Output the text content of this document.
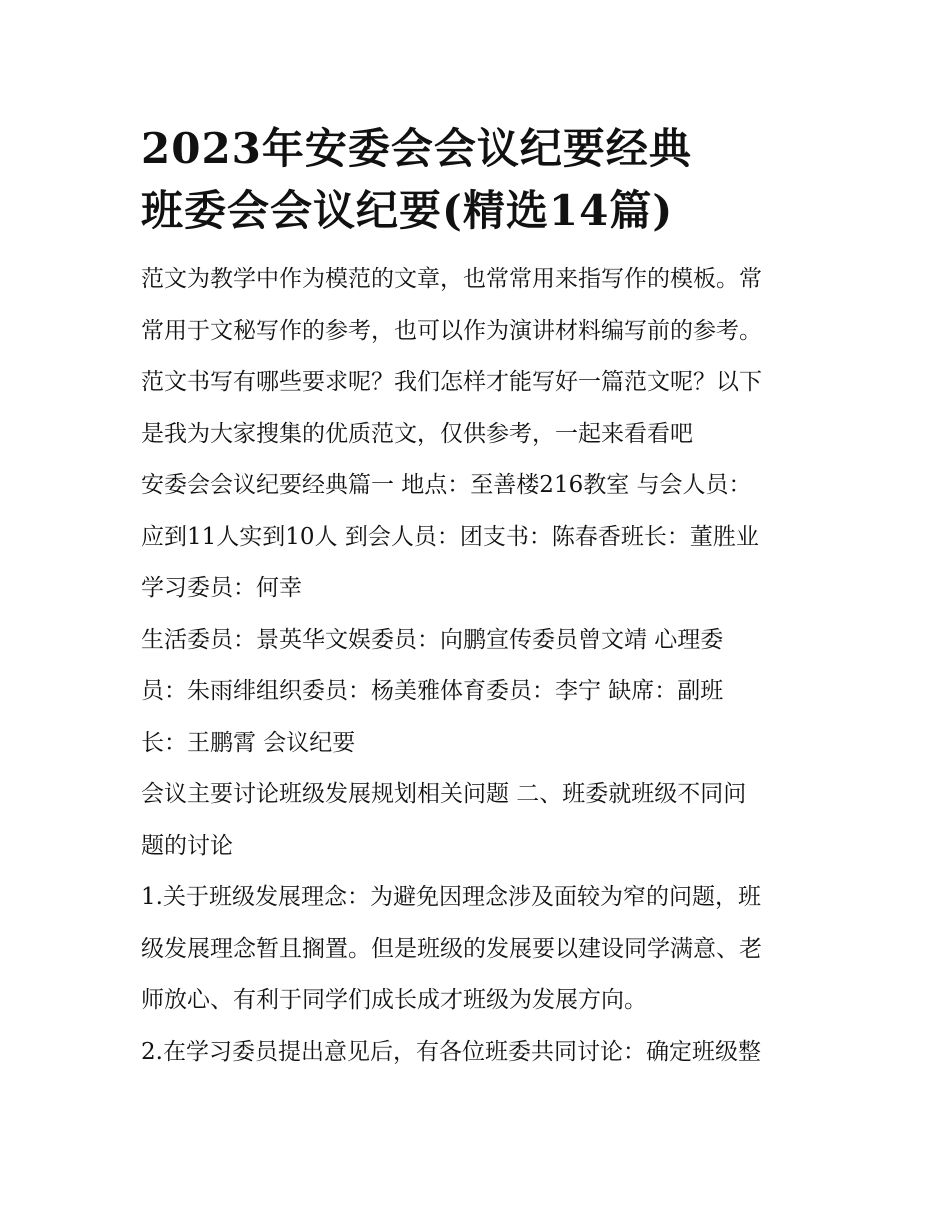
2023年安委会会议纪要经典
班委会会议纪要(精选14篇)
范文为教学中作为模范的文章，也常常用来指写作的模板。常
常用于文秘写作的参考，也可以作为演讲材料编写前的参考。
范文书写有哪些要求呢？我们怎样才能写好一篇范文呢？以下
是我为大家搜集的优质范文，仅供参考，一起来看看吧
安委会会议纪要经典篇一 地点：至善楼216教室 与会人员：
应到11人实到10人 到会人员：团支书：陈春香班长：董胜业
学习委员：何幸
生活委员：景英华文娱委员：向鹏宣传委员曾文靖 心理委
员：朱雨绯组织委员：杨美雅体育委员：李宁 缺席：副班
长：王鹏霄 会议纪要
会议主要讨论班级发展规划相关问题 二、班委就班级不同问
题的讨论
1.关于班级发展理念：为避免因理念涉及面较为窄的问题，班
级发展理念暂且搁置。但是班级的发展要以建设同学满意、老
师放心、有利于同学们成长成才班级为发展方向。
2.在学习委员提出意见后，有各位班委共同讨论：确定班级整
